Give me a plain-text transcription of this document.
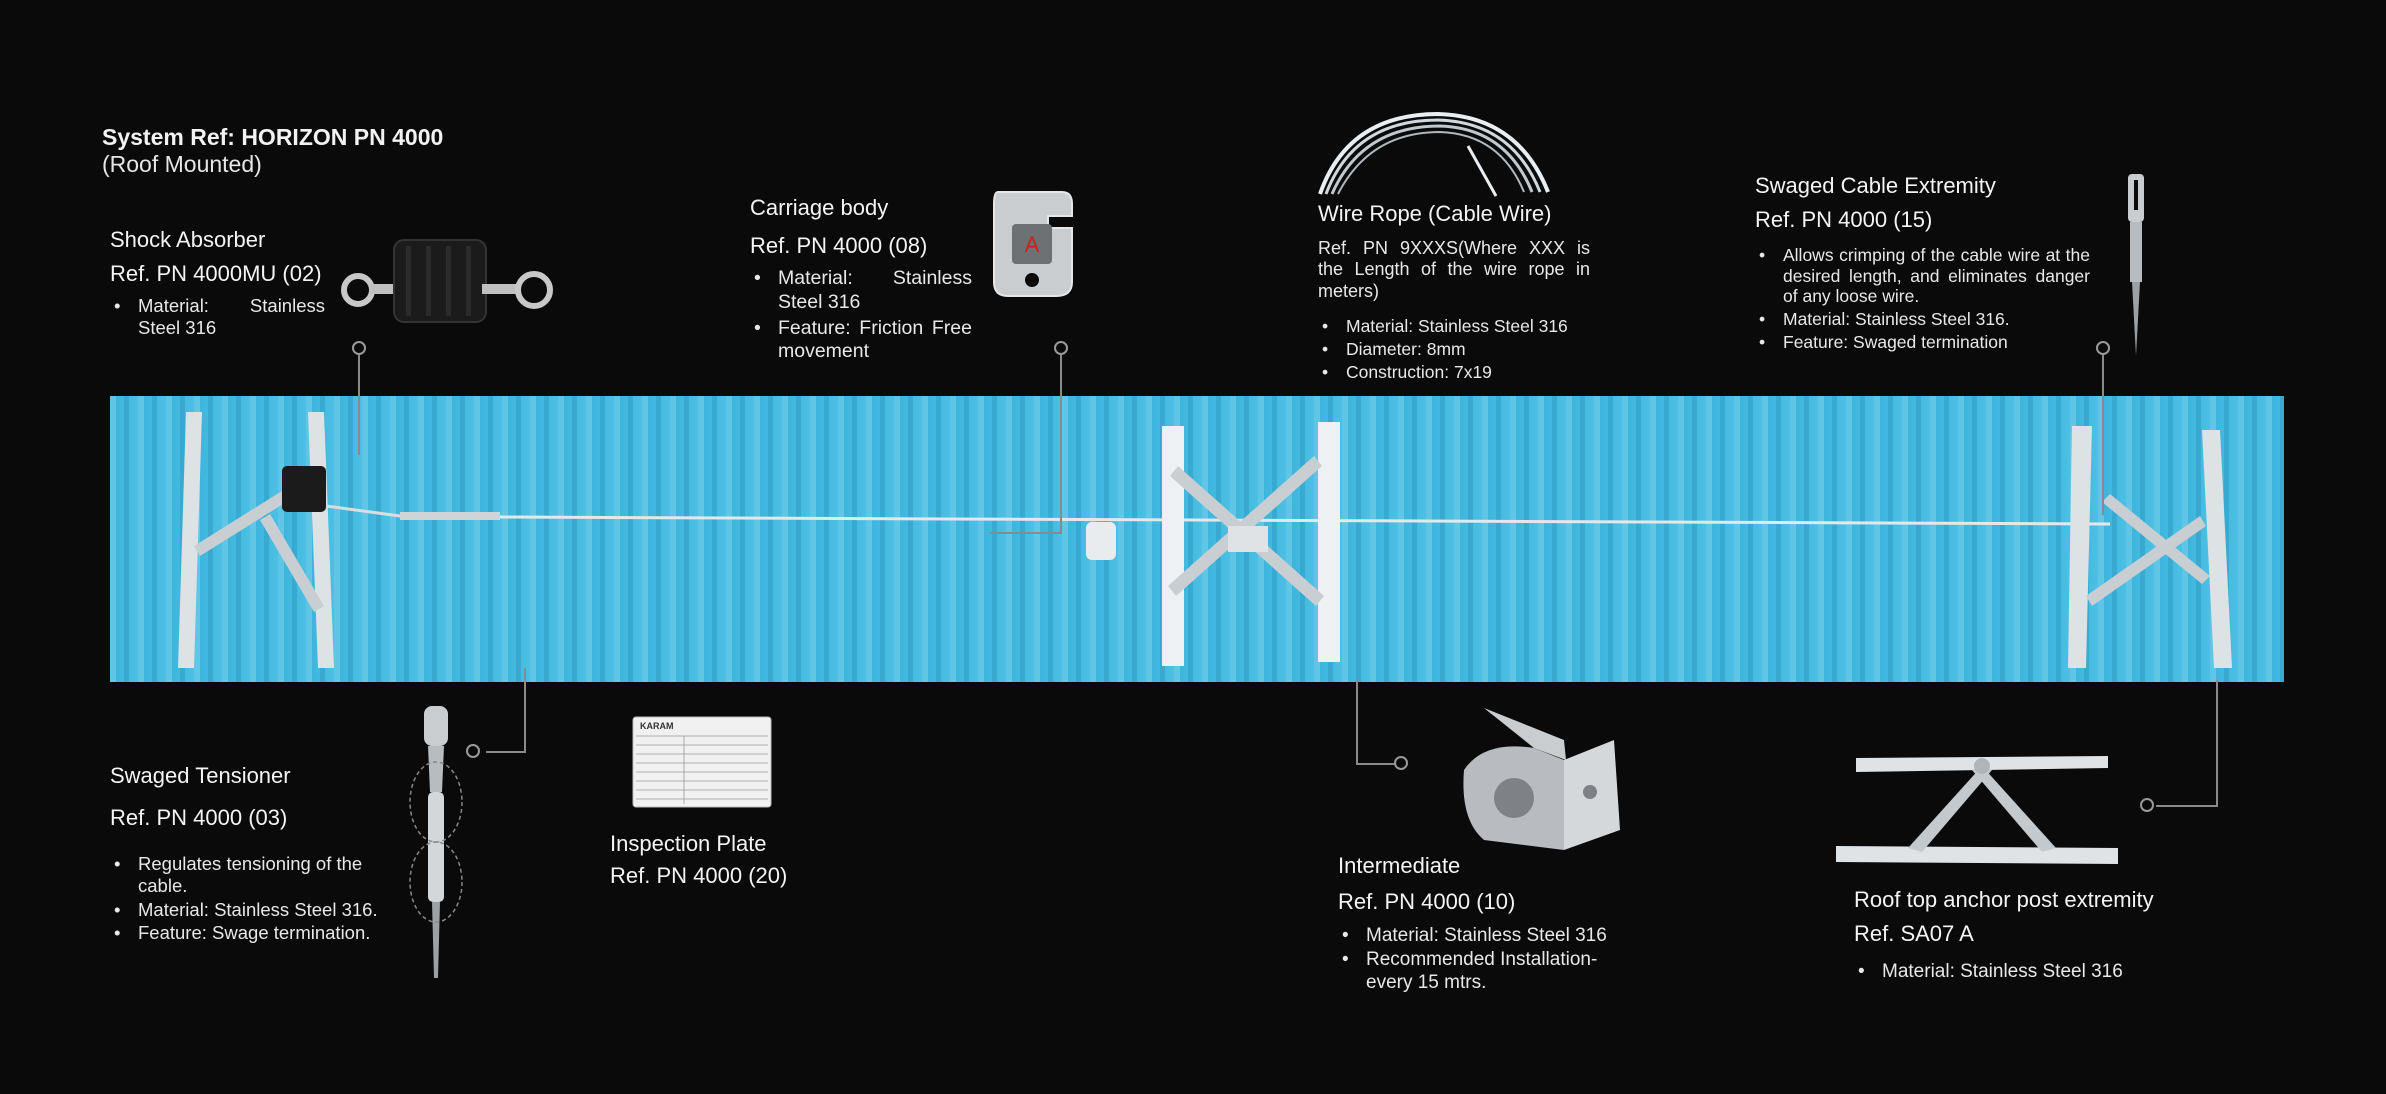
System Ref: HORIZON PN 4000
(Roof Mounted)
Shock Absorber
Ref. PN 4000MU (02)
• Material: Stainless Steel 316
Carriage body
Ref. PN 4000 (08)
• Material: Stainless Steel 316
• Feature: Friction Free movement
A
Wire Rope (Cable Wire)
Ref. PN 9XXXS(Where XXX is the Length of the wire rope in meters)
• Material: Stainless Steel 316
• Diameter: 8mm
• Construction: 7x19
Swaged Cable Extremity
Ref. PN 4000 (15)
• Allows crimping of the cable wire at the desired length, and eliminates danger of any loose wire.
• Material: Stainless Steel 316.
• Feature: Swaged termination
Swaged Tensioner
Ref. PN 4000 (03)
• Regulates tensioning of the cable.
• Material: Stainless Steel 316.
• Feature: Swage termination.
KARAM
Inspection Plate
Ref. PN 4000 (20)	Intermediate
Ref. PN 4000 (10)
• Material: Stainless Steel 316
• Recommended Installation- every 15 mtrs.
Roof top anchor post extremity
Ref. SA07 A
• Material: Stainless Steel 316
